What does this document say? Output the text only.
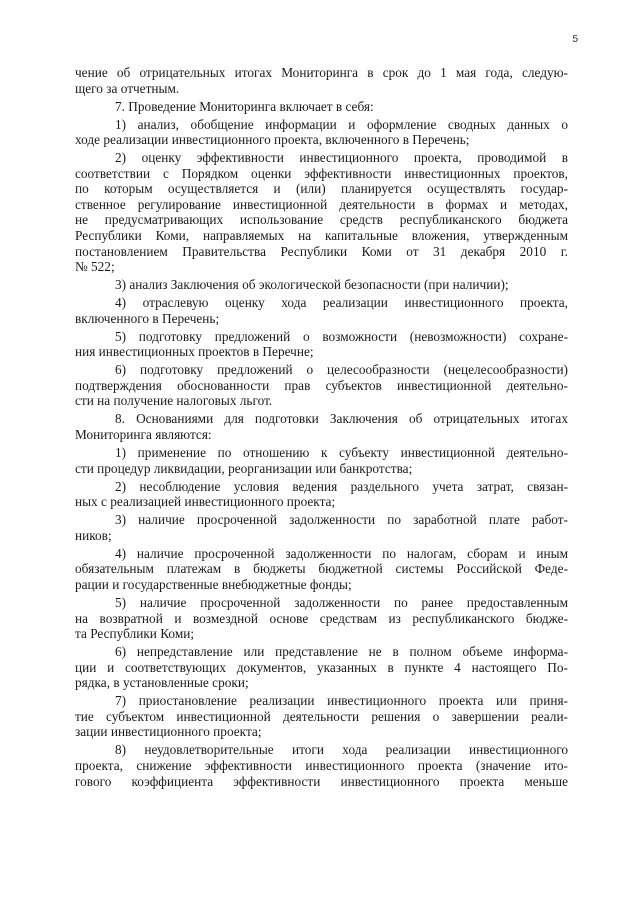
5
чение об отрицательных итогах Мониторинга в срок до 1 мая года, следую-
щего за отчетным.
7. Проведение Мониторинга включает в себя:
1) анализ, обобщение информации и оформление сводных данных о
ходе реализации инвестиционного проекта, включенного в Перечень;
2) оценку эффективности инвестиционного проекта, проводимой в
соответствии с Порядком оценки эффективности инвестиционных проектов,
по которым осуществляется и (или) планируется осуществлять государ-
ственное регулирование инвестиционной деятельности в формах и методах,
не предусматривающих использование средств республиканского бюджета
Республики Коми, направляемых на капитальные вложения, утвержденным
постановлением Правительства Республики Коми от 31 декабря 2010 г.
№ 522;
3) анализ Заключения об экологической безопасности (при наличии);
4) отраслевую оценку хода реализации инвестиционного проекта,
включенного в Перечень;
5) подготовку предложений о возможности (невозможности) сохране-
ния инвестиционных проектов в Перечне;
6) подготовку предложений о целесообразности (нецелесообразности)
подтверждения обоснованности прав субъектов инвестиционной деятельно-
сти на получение налоговых льгот.
8. Основаниями для подготовки Заключения об отрицательных итогах
Мониторинга являются:
1) применение по отношению к субъекту инвестиционной деятельно-
сти процедур ликвидации, реорганизации или банкротства;
2) несоблюдение условия ведения раздельного учета затрат, связан-
ных с реализацией инвестиционного проекта;
3) наличие просроченной задолженности по заработной плате работ-
ников;
4) наличие просроченной задолженности по налогам, сборам и иным
обязательным платежам в бюджеты бюджетной системы Российской Феде-
рации и государственные внебюджетные фонды;
5) наличие просроченной задолженности по ранее предоставленным
на возвратной и возмездной основе средствам из республиканского бюдже-
та Республики Коми;
6) непредставление или представление не в полном объеме информа-
ции и соответствующих документов, указанных в пункте 4 настоящего По-
рядка, в установленные сроки;
7) приостановление реализации инвестиционного проекта или приня-
тие субъектом инвестиционной деятельности решения о завершении реали-
зации инвестиционного проекта;
8) неудовлетворительные итоги хода реализации инвестиционного
проекта, снижение эффективности инвестиционного проекта (значение ито-
гового коэффициента эффективности инвестиционного проекта меньше
